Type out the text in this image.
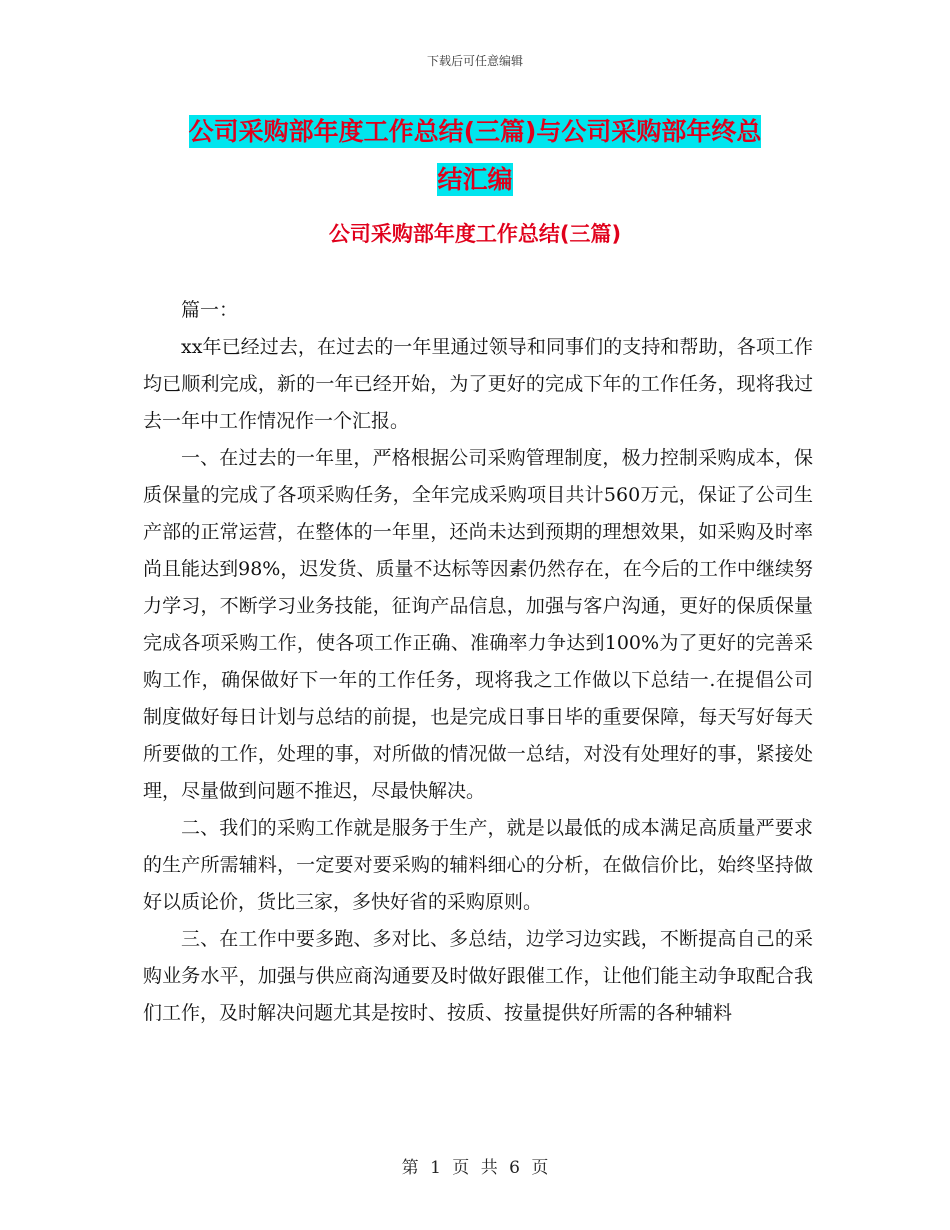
下载后可任意编辑
公司采购部年度工作总结(三篇)与公司采购部年终总
结汇编
公司采购部年度工作总结(三篇)

篇一：

xx年已经过去，在过去的一年里通过领导和同事们的支持和帮助，各项工作均已顺利完成，新的一年已经开始，为了更好的完成下年的工作任务，现将我过去一年中工作情况作一个汇报。

一、在过去的一年里，严格根据公司采购管理制度，极力控制采购成本，保质保量的完成了各项采购任务，全年完成采购项目共计560万元，保证了公司生产部的正常运营，在整体的一年里，还尚未达到预期的理想效果，如采购及时率尚且能达到98%，迟发货、质量不达标等因素仍然存在，在今后的工作中继续努力学习，不断学习业务技能，征询产品信息，加强与客户沟通，更好的保质保量完成各项采购工作，使各项工作正确、准确率力争达到100%为了更好的完善采购工作，确保做好下一年的工作任务，现将我之工作做以下总结一.在提倡公司制度做好每日计划与总结的前提，也是完成日事日毕的重要保障，每天写好每天所要做的工作，处理的事，对所做的情况做一总结，对没有处理好的事，紧接处理，尽量做到问题不推迟，尽最快解决。

二、我们的采购工作就是服务于生产，就是以最低的成本满足高质量严要求的生产所需辅料，一定要对要采购的辅料细心的分析，在做信价比，始终坚持做好以质论价，货比三家，多快好省的采购原则。

三、在工作中要多跑、多对比、多总结，边学习边实践，不断提高自己的采购业务水平，加强与供应商沟通要及时做好跟催工作，让他们能主动争取配合我们工作，及时解决问题尤其是按时、按质、按量提供好所需的各种辅料

第 1 页 共 6 页
